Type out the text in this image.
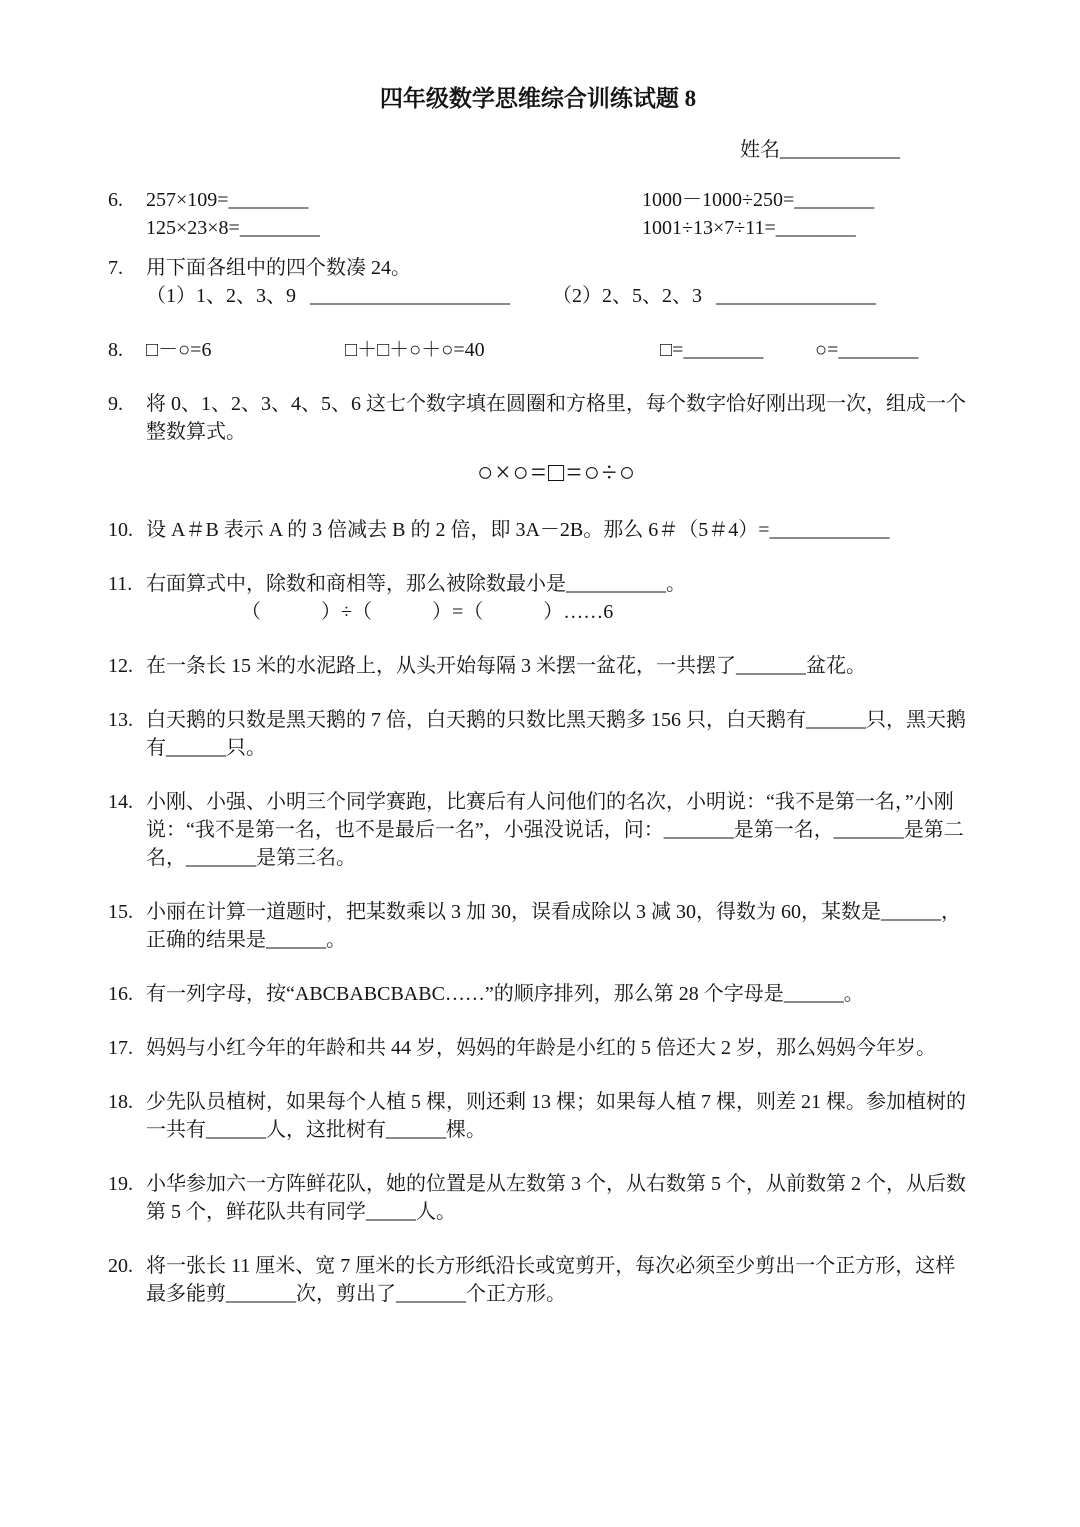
四年级数学思维综合训练试题 8
姓名____________
6.	257×109=________	1000－1000÷250=________
125×23×8=________	1001÷13×7÷11=________
7.	用下面各组中的四个数凑 24。
（1）1、2、3、9 ____________________ （2）2、5、2、3 ________________
8.	□－○=6	□＋□＋○＋○=40	□=________	○=________
9.	将 0、1、2、3、4、5、6 这七个数字填在圆圈和方格里，每个数字恰好刚出现一次，组成一个整数算式。
○×○=□=○÷○
10. 设 A＃B 表示 A 的 3 倍减去 B 的 2 倍，即 3A－2B。那么 6＃（5＃4）=____________
11. 右面算式中，除数和商相等，那么被除数最小是__________。
（　　　）÷（　　　）=（　　　）……6
12. 在一条长 15 米的水泥路上，从头开始每隔 3 米摆一盆花，一共摆了_______盆花。
13. 白天鹅的只数是黑天鹅的 7 倍，白天鹅的只数比黑天鹅多 156 只，白天鹅有______只，黑天鹅有______只。
14. 小刚、小强、小明三个同学赛跑，比赛后有人问他们的名次，小明说：“我不是第一名，”小刚说：“我不是第一名，也不是最后一名”，小强没说话，问：_______是第一名，_______是第二名，_______是第三名。
15. 小丽在计算一道题时，把某数乘以 3 加 30，误看成除以 3 减 30，得数为 60，某数是______，正确的结果是______。
16. 有一列字母，按“ABCBABCBABC……”的顺序排列，那么第 28 个字母是______。
17. 妈妈与小红今年的年龄和共 44 岁，妈妈的年龄是小红的 5 倍还大 2 岁，那么妈妈今年岁。
18. 少先队员植树，如果每个人植 5 棵，则还剩 13 棵；如果每人植 7 棵，则差 21 棵。参加植树的一共有______人，这批树有______棵。
19. 小华参加六一方阵鲜花队，她的位置是从左数第 3 个，从右数第 5 个，从前数第 2 个，从后数第 5 个，鲜花队共有同学_____人。
20. 将一张长 11 厘米、宽 7 厘米的长方形纸沿长或宽剪开，每次必须至少剪出一个正方形，这样最多能剪_______次，剪出了_______个正方形。
